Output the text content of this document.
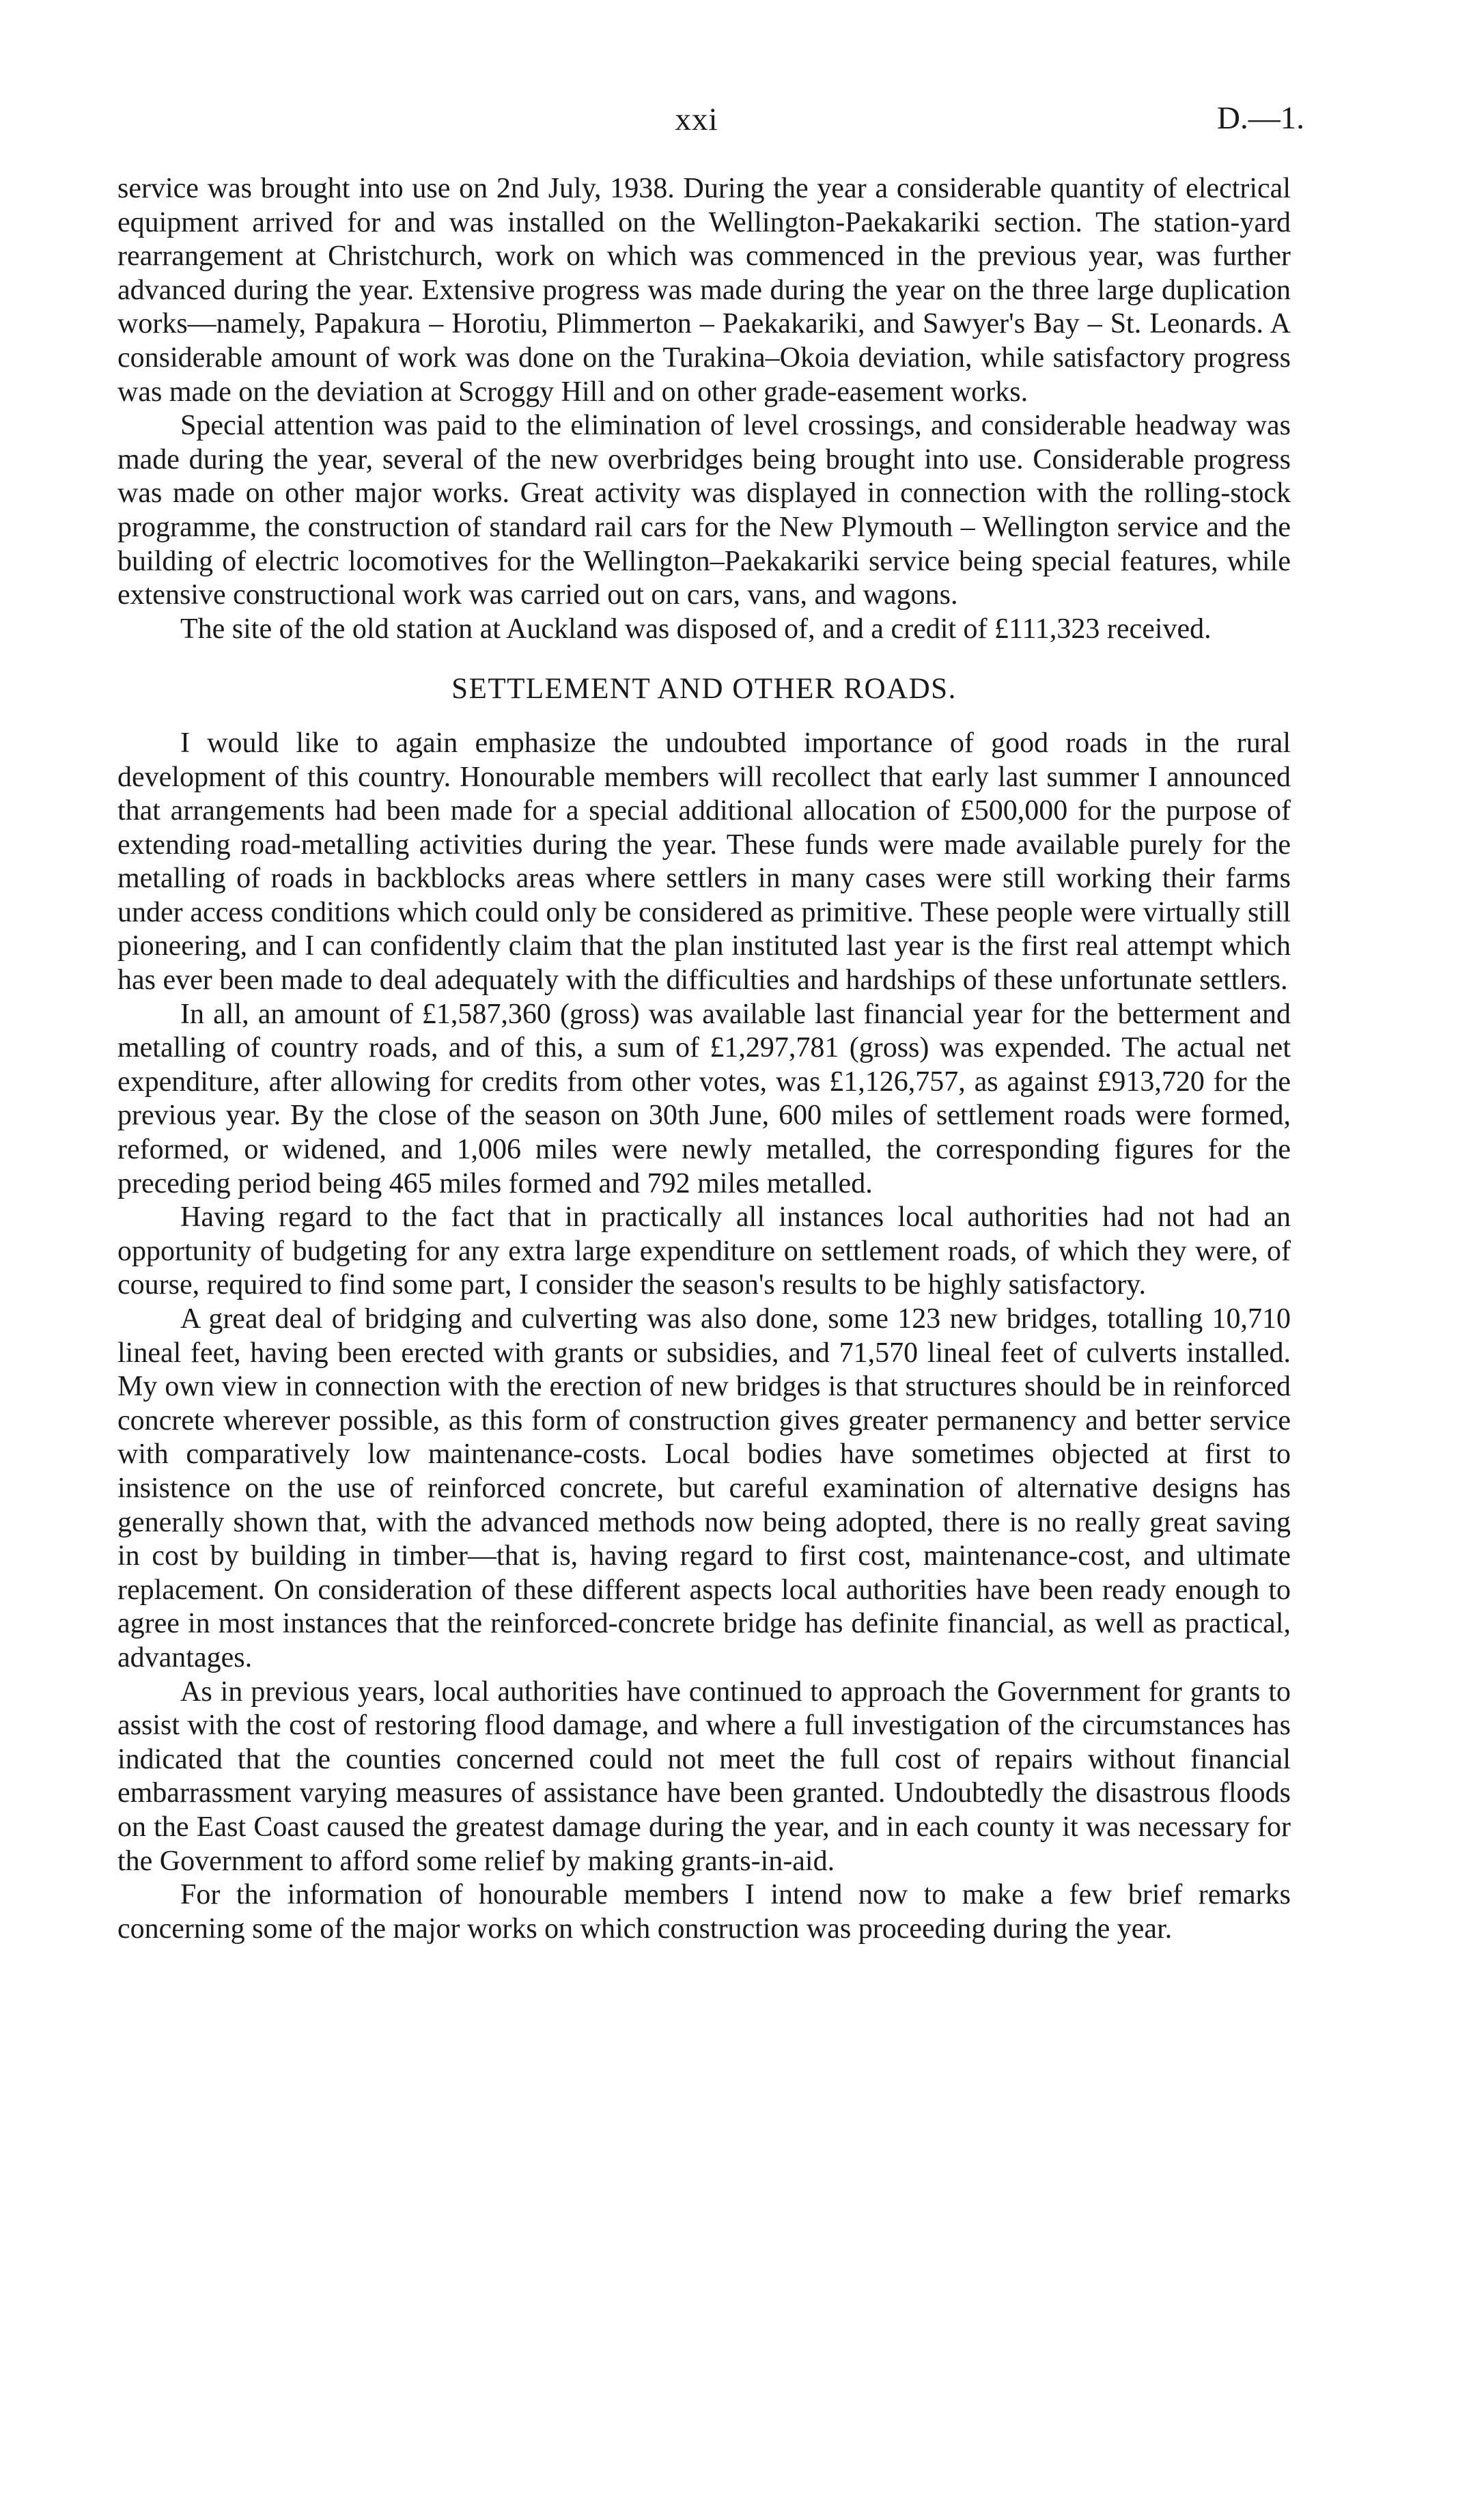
xxi	D.—1.

service was brought into use on 2nd July, 1938. During the year a considerable quantity of electrical equipment arrived for and was installed on the Wellington-Paekakariki section. The station-yard rearrangement at Christchurch, work on which was commenced in the previous year, was further advanced during the year. Extensive progress was made during the year on the three large duplication works—namely, Papakura – Horotiu, Plimmerton – Paekakariki, and Sawyer's Bay – St. Leonards. A considerable amount of work was done on the Turakina–Okoia deviation, while satisfactory progress was made on the deviation at Scroggy Hill and on other grade-easement works.

Special attention was paid to the elimination of level crossings, and considerable headway was made during the year, several of the new overbridges being brought into use. Considerable progress was made on other major works. Great activity was displayed in connection with the rolling-stock programme, the construction of standard rail cars for the New Plymouth – Wellington service and the building of electric locomotives for the Wellington–Paekakariki service being special features, while extensive constructional work was carried out on cars, vans, and wagons.

The site of the old station at Auckland was disposed of, and a credit of £111,323 received.

SETTLEMENT AND OTHER ROADS.

I would like to again emphasize the undoubted importance of good roads in the rural development of this country. Honourable members will recollect that early last summer I announced that arrangements had been made for a special additional allocation of £500,000 for the purpose of extending road-metalling activities during the year. These funds were made available purely for the metalling of roads in backblocks areas where settlers in many cases were still working their farms under access conditions which could only be considered as primitive. These people were virtually still pioneering, and I can confidently claim that the plan instituted last year is the first real attempt which has ever been made to deal adequately with the difficulties and hardships of these unfortunate settlers.

In all, an amount of £1,587,360 (gross) was available last financial year for the betterment and metalling of country roads, and of this, a sum of £1,297,781 (gross) was expended. The actual net expenditure, after allowing for credits from other votes, was £1,126,757, as against £913,720 for the previous year. By the close of the season on 30th June, 600 miles of settlement roads were formed, reformed, or widened, and 1,006 miles were newly metalled, the corresponding figures for the preceding period being 465 miles formed and 792 miles metalled.

Having regard to the fact that in practically all instances local authorities had not had an opportunity of budgeting for any extra large expenditure on settlement roads, of which they were, of course, required to find some part, I consider the season's results to be highly satisfactory.

A great deal of bridging and culverting was also done, some 123 new bridges, totalling 10,710 lineal feet, having been erected with grants or subsidies, and 71,570 lineal feet of culverts installed. My own view in connection with the erection of new bridges is that structures should be in reinforced concrete wherever possible, as this form of construction gives greater permanency and better service with comparatively low maintenance-costs. Local bodies have sometimes objected at first to insistence on the use of reinforced concrete, but careful examination of alternative designs has generally shown that, with the advanced methods now being adopted, there is no really great saving in cost by building in timber—that is, having regard to first cost, maintenance-cost, and ultimate replacement. On consideration of these different aspects local authorities have been ready enough to agree in most instances that the reinforced-concrete bridge has definite financial, as well as practical, advantages.

As in previous years, local authorities have continued to approach the Government for grants to assist with the cost of restoring flood damage, and where a full investigation of the circumstances has indicated that the counties concerned could not meet the full cost of repairs without financial embarrassment varying measures of assistance have been granted. Undoubtedly the disastrous floods on the East Coast caused the greatest damage during the year, and in each county it was necessary for the Government to afford some relief by making grants-in-aid.

For the information of honourable members I intend now to make a few brief remarks concerning some of the major works on which construction was proceeding during the year.
